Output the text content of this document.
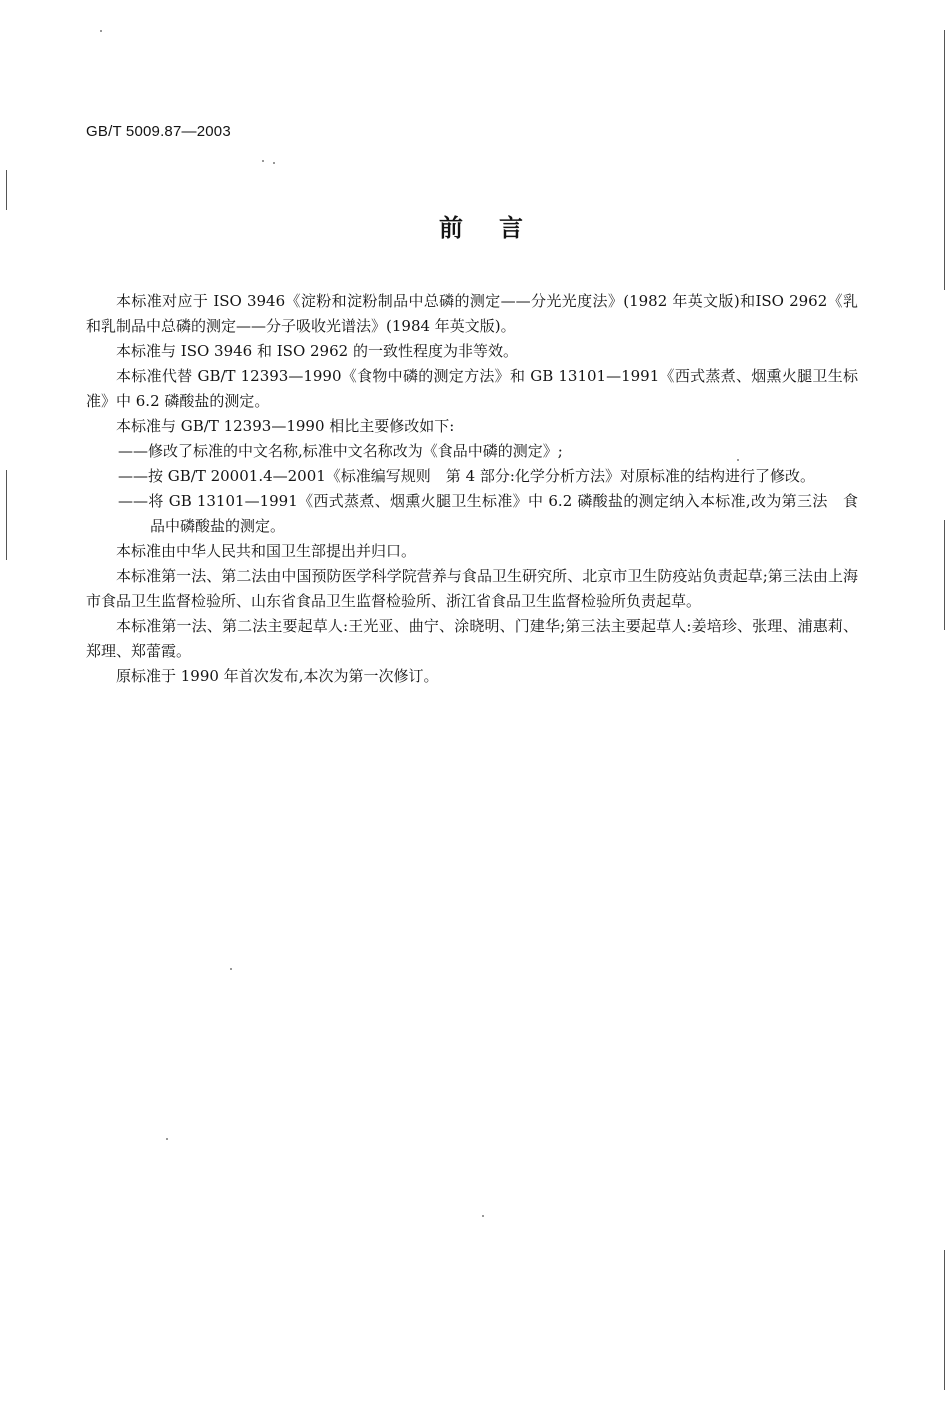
GB/T 5009.87—2003
前言

本标准对应于 ISO 3946《淀粉和淀粉制品中总磷的测定——分光光度法》(1982 年英文版)和ISO 2962《乳和乳制品中总磷的测定——分子吸收光谱法》(1984 年英文版)。

本标准与 ISO 3946 和 ISO 2962 的一致性程度为非等效。

本标准代替 GB/T 12393—1990《食物中磷的测定方法》和 GB 13101—1991《西式蒸煮、烟熏火腿卫生标准》中 6.2 磷酸盐的测定。

本标准与 GB/T 12393—1990 相比主要修改如下:

——修改了标准的中文名称,标准中文名称改为《食品中磷的测定》;

——按 GB/T 20001.4—2001《标准编写规则　第 4 部分:化学分析方法》对原标准的结构进行了修改。

——将 GB 13101—1991《西式蒸煮、烟熏火腿卫生标准》中 6.2 磷酸盐的测定纳入本标准,改为第三法　食品中磷酸盐的测定。

本标准由中华人民共和国卫生部提出并归口。

本标准第一法、第二法由中国预防医学科学院营养与食品卫生研究所、北京市卫生防疫站负责起草;第三法由上海市食品卫生监督检验所、山东省食品卫生监督检验所、浙江省食品卫生监督检验所负责起草。

本标准第一法、第二法主要起草人:王光亚、曲宁、涂晓明、门建华;第三法主要起草人:姜培珍、张理、浦惠莉、郑理、郑蕾霞。

原标准于 1990 年首次发布,本次为第一次修订。
